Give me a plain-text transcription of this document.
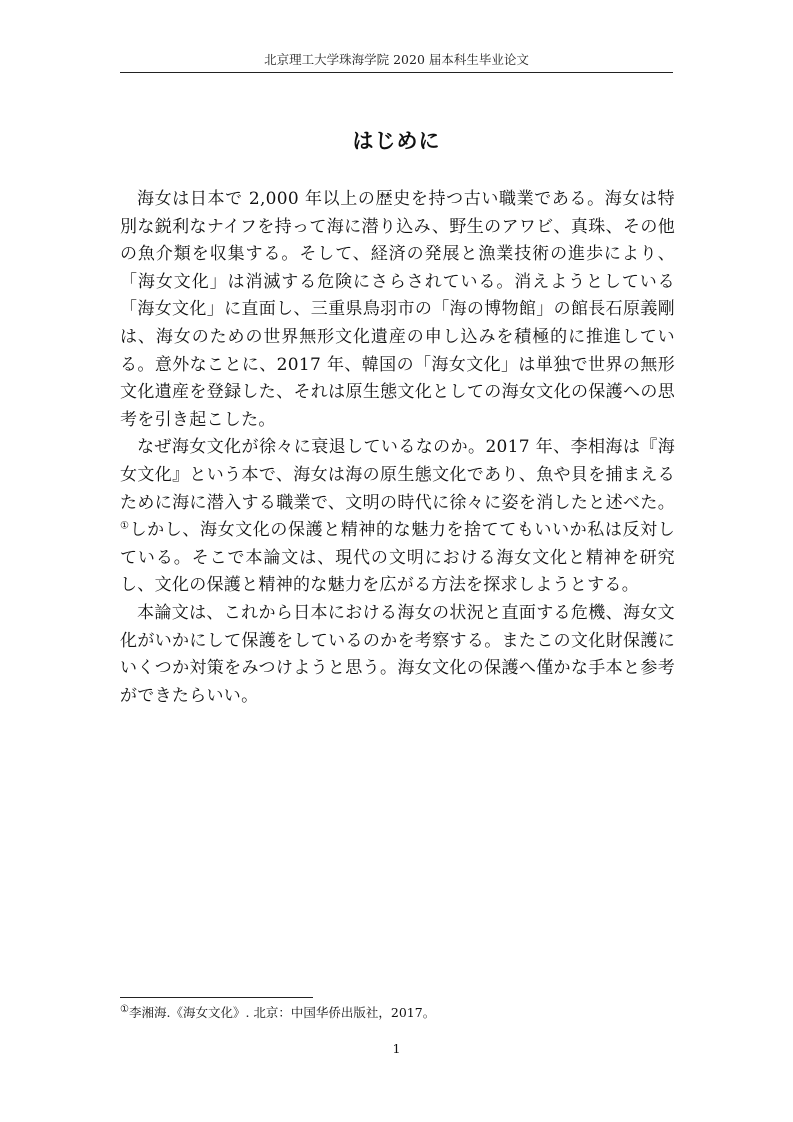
北京理工大学珠海学院 2020 届本科生毕业论文
はじめに

海女は日本で 2,000 年以上の歴史を持つ古い職業である。海女は特別な鋭利なナイフを持って海に潜り込み、野生のアワビ、真珠、その他の魚介類を収集する。そして、経済の発展と漁業技術の進歩により、「海女文化」は消滅する危険にさらされている。消えようとしている「海女文化」に直面し、三重県鳥羽市の「海の博物館」の館長石原義剛は、海女のための世界無形文化遺産の申し込みを積極的に推進している。意外なことに、2017 年、韓国の「海女文化」は単独で世界の無形文化遺産を登録した、それは原生態文化としての海女文化の保護への思考を引き起こした。

なぜ海女文化が徐々に衰退しているなのか。2017 年、李相海は『海女文化』という本で、海女は海の原生態文化であり、魚や貝を捕まえるために海に潜入する職業で、文明の時代に徐々に姿を消したと述べた。①しかし、海女文化の保護と精神的な魅力を捨ててもいいか私は反対している。そこで本論文は、現代の文明における海女文化と精神を研究し、文化の保護と精神的な魅力を広がる方法を探求しようとする。

本論文は、これから日本における海女の状況と直面する危機、海女文化がいかにして保護をしているのかを考察する。またこの文化財保護にいくつか対策をみつけようと思う。海女文化の保護へ僅かな手本と参考ができたらいい。

①李湘海.《海女文化》. 北京：中国华侨出版社，2017。
1
